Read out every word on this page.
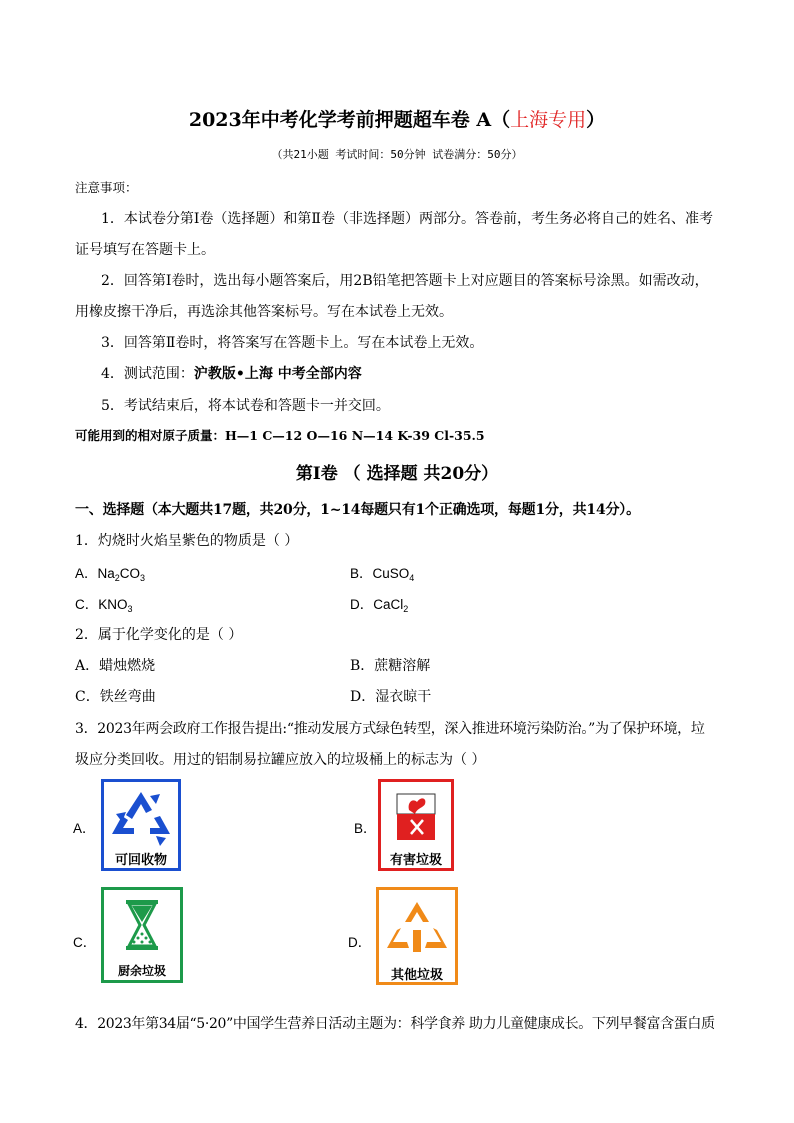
2023年中考化学考前押题超车卷 A（上海专用）
（共21小题 考试时间：50分钟 试卷满分：50分）
注意事项：
1．本试卷分第Ⅰ卷（选择题）和第Ⅱ卷（非选择题）两部分。答卷前，考生务必将自己的姓名、准考
证号填写在答题卡上。
2．回答第Ⅰ卷时，选出每小题答案后，用2B铅笔把答题卡上对应题目的答案标号涂黑。如需改动，
用橡皮擦干净后，再选涂其他答案标号。写在本试卷上无效。
3．回答第Ⅱ卷时，将答案写在答题卡上。写在本试卷上无效。
4．测试范围：沪教版•上海 中考全部内容
5．考试结束后，将本试卷和答题卡一并交回。
可能用到的相对原子质量：H—1 C—12 O—16 N—14 K-39 Cl-35.5
第Ⅰ卷 （ 选择题 共20分）
一、选择题（本大题共17题，共20分，1~14每题只有1个正确选项，每题1分，共14分）。
1．灼烧时火焰呈紫色的物质是（ ）
A．$Na_2CO_3$	B．CuSO$_4$
C．$KNO_3$	D．CaCl$_2$
2．属于化学变化的是（ ）
A．蜡烛燃烧	B．蔗糖溶解
C．铁丝弯曲	D．湿衣晾干
3．2023年两会政府工作报告提出:“推动发展方式绿色转型，深入推进环境污染防治。”为了保护环境，垃
圾应分类回收。用过的铝制易拉罐应放入的垃圾桶上的标志为（ ）
A．
可回收物
B．
有害垃圾
C．
厨余垃圾
D．
其他垃圾
4．2023年第34届“5·20”中国学生营养日活动主题为：科学食养 助力儿童健康成长。下列早餐富含蛋白质
